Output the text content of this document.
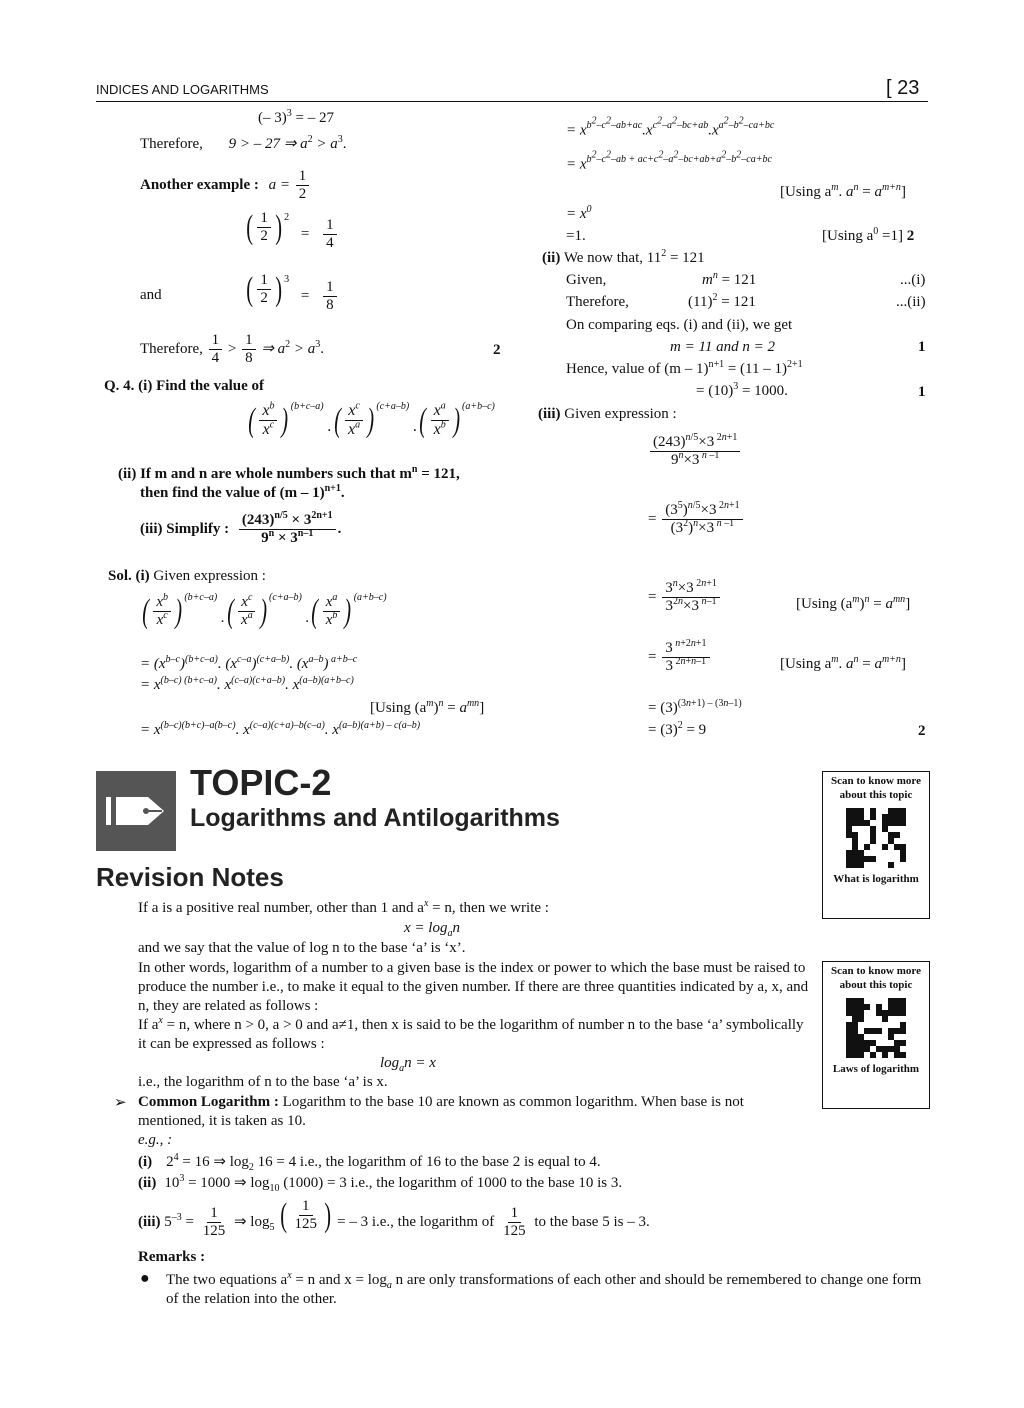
INDICES AND LOGARITHMS	[ 23
(– 3)$^3$ = – 27
Therefore, 9 > – 27 ⇒ $a^2 > a^3$.
Another example : $a = \frac{1}{2}$
( $\frac{1}{2}$ ) $^2 = \frac{1}{4}$
and ( $\frac{1}{2}$ ) $^3 = \frac{1}{8}$
Therefore, $\frac{1}{4} > \frac{1}{8}$ ⇒ $a^2 > a^3$.	2
Q. 4. (i) Find the value of
( $\frac{x^b}{x^c}$ ) $^{(b+c-a)}$ . ( $\frac{x^c}{x^a}$ ) $^{(c+a-b)}$ . ( $\frac{x^a}{x^b}$ ) $^{(a+b-c)}$
(ii) If m and n are whole numbers such that $m^n = 121$,
then find the value of (m – 1)$^{n+1}$.
(iii) Simplify : $\frac{(243)^{n/5} \times 3^{2n+1}}{9^n \times 3^{n-1}}$ .
Sol. (i) Given expression :
( $\frac{x^b}{x^c}$ ) $^{(b+c-a)}$ . ( $\frac{x^c}{x^a}$ ) $^{(c+a-b)}$ . ( $\frac{x^a}{x^b}$ ) $^{(a+b-c)}$
= $(x^{b-c})^{(b+c-a)}$. $(x^{c-a})^{(c+a-b)}$. $(x^{a-b})$ $^{a+b-c}$
= $x^{(b-c) (b+c-a)}$. $x^{(c-a)(c+a-b)}$. $x^{(a-b)(a+b-c)}$
[Using $(a^m)^n = a^{mn}$]
= $x^{(b-c)(b+c)-a(b-c)}$. $x^{(c-a)(c+a)-b(c-a)}$. $x^{(a-b)(a+b) - c(a-b)}$
= $x^{b^2-c^2-ab+ac}.x^{c^2-a^2-bc+ab}.x^{a^2-b^2-ca+bc}$
= $x^{b^2-c^2-ab + ac+c^2-a^2-bc+ab+a^2-b^2-ca+bc}$
[Using $a^m$. $a^n = a^{m+n}$]
= $x^0$
=1.	[Using $a^0 =1$] 2
(ii) We now that, $11^2 = 121$
Given,	$m^n = 121$	...(i)
Therefore,	$(11)^2 = 121$	...(ii)
On comparing eqs. (i) and (ii), we get
m = 11 and n = 2	1
Hence, value of (m – 1)$^{n+1}$ = (11 – 1)$^{2+1}$
= $(10)^3 = 1000$.	1
(iii) Given expression :
$\frac{(243)^{n/5}\times 3 ^{2n+1}}{9^n\times 3 ^{n -1}}$
= $\frac{(3^5)^{n/5}\times 3 ^{2n+1}}{(3^2)^n\times 3 ^{n -1}}$
= $\frac{3^n\times 3 ^{2n+1}}{3^{2n}\times 3 ^{n-1}}$	[Using $(a^m)^n = a^{mn}$]
= $\frac{3 ^{n+2n+1}}{3 ^{2n+n-1}}$	[Using $a^m$. $a^n = a^{m+n}$]
= $(3)^{(3n+1) - (3n-1)}$
= $(3)^2 = 9$	2
TOPIC-2
Logarithms and Antilogarithms
Revision Notes
Scan to know more about this topic
What is logarithm
Scan to know more about this topic
Laws of logarithm
If a is a positive real number, other than 1 and $a^x = n$, then we write :
$x = \log_an$
and we say that the value of log n to the base ‘a’ is ‘x’.
In other words, logarithm of a number to a given base is the index or power to which the base must be raised to produce the number i.e., to make it equal to the given number. If there are three quantities indicated by a, x, and n, they are related as follows :
If $a^x = n$, where n > 0, a > 0 and a≠1, then x is said to be the logarithm of number n to the base ‘a’ symbolically it can be expressed as follows :
$\log_an = x$
i.e., the logarithm of n to the base ‘a’ is x.
➢ Common Logarithm : Logarithm to the base 10 are known as common logarithm. When base is not mentioned, it is taken as 10.
e.g., :
(i) $2^4 = 16$ ⇒ $\log_2 16 = 4$ i.e., the logarithm of 16 to the base 2 is equal to 4.
(ii) $10^3 = 1000$ ⇒ $\log_{10} (1000) = 3$ i.e., the logarithm of 1000 to the base 10 is 3.
(iii) $5^{-3} = \frac{1}{125}$ ⇒ $\log_5$ ( $\frac{1}{125}$ ) = – 3 i.e., the logarithm of $\frac{1}{125}$ to the base 5 is – 3.
Remarks :
● The two equations $a^x = n$ and $x = \log_a n$ are only transformations of each other and should be remembered to change one form of the relation into the other.
